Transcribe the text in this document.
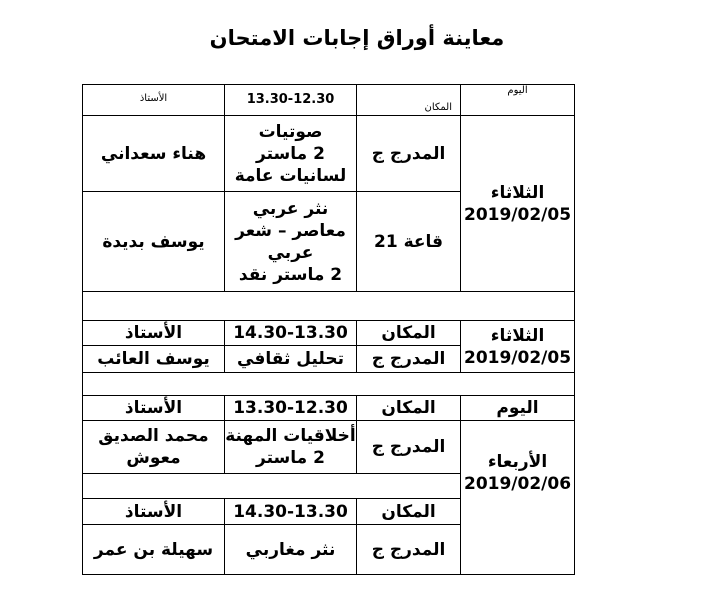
معاينة أوراق إجابات الامتحان
اليوم
المكان
13.30-12.30
الأستاذ
الثلاثاء
2019/02/05
المدرج ج
صوتيات
2 ماستر
لسانيات عامة
هناء سعداني
قاعة 21
نثر عربي
معاصر – شعر
عربي
2 ماستر نقد
يوسف بديدة
الثلاثاء
2019/02/05
المكان
14.30-13.30
الأستاذ
المدرج ج
تحليل ثقافي
يوسف العائب
اليوم
المكان
13.30-12.30
الأستاذ
الأربعاء
2019/02/06
المدرج ج
أخلاقيات المهنة
2 ماستر
محمد الصديق
معوش
المكان
14.30-13.30
الأستاذ
المدرج ج
نثر مغاربي
سهيلة بن عمر
